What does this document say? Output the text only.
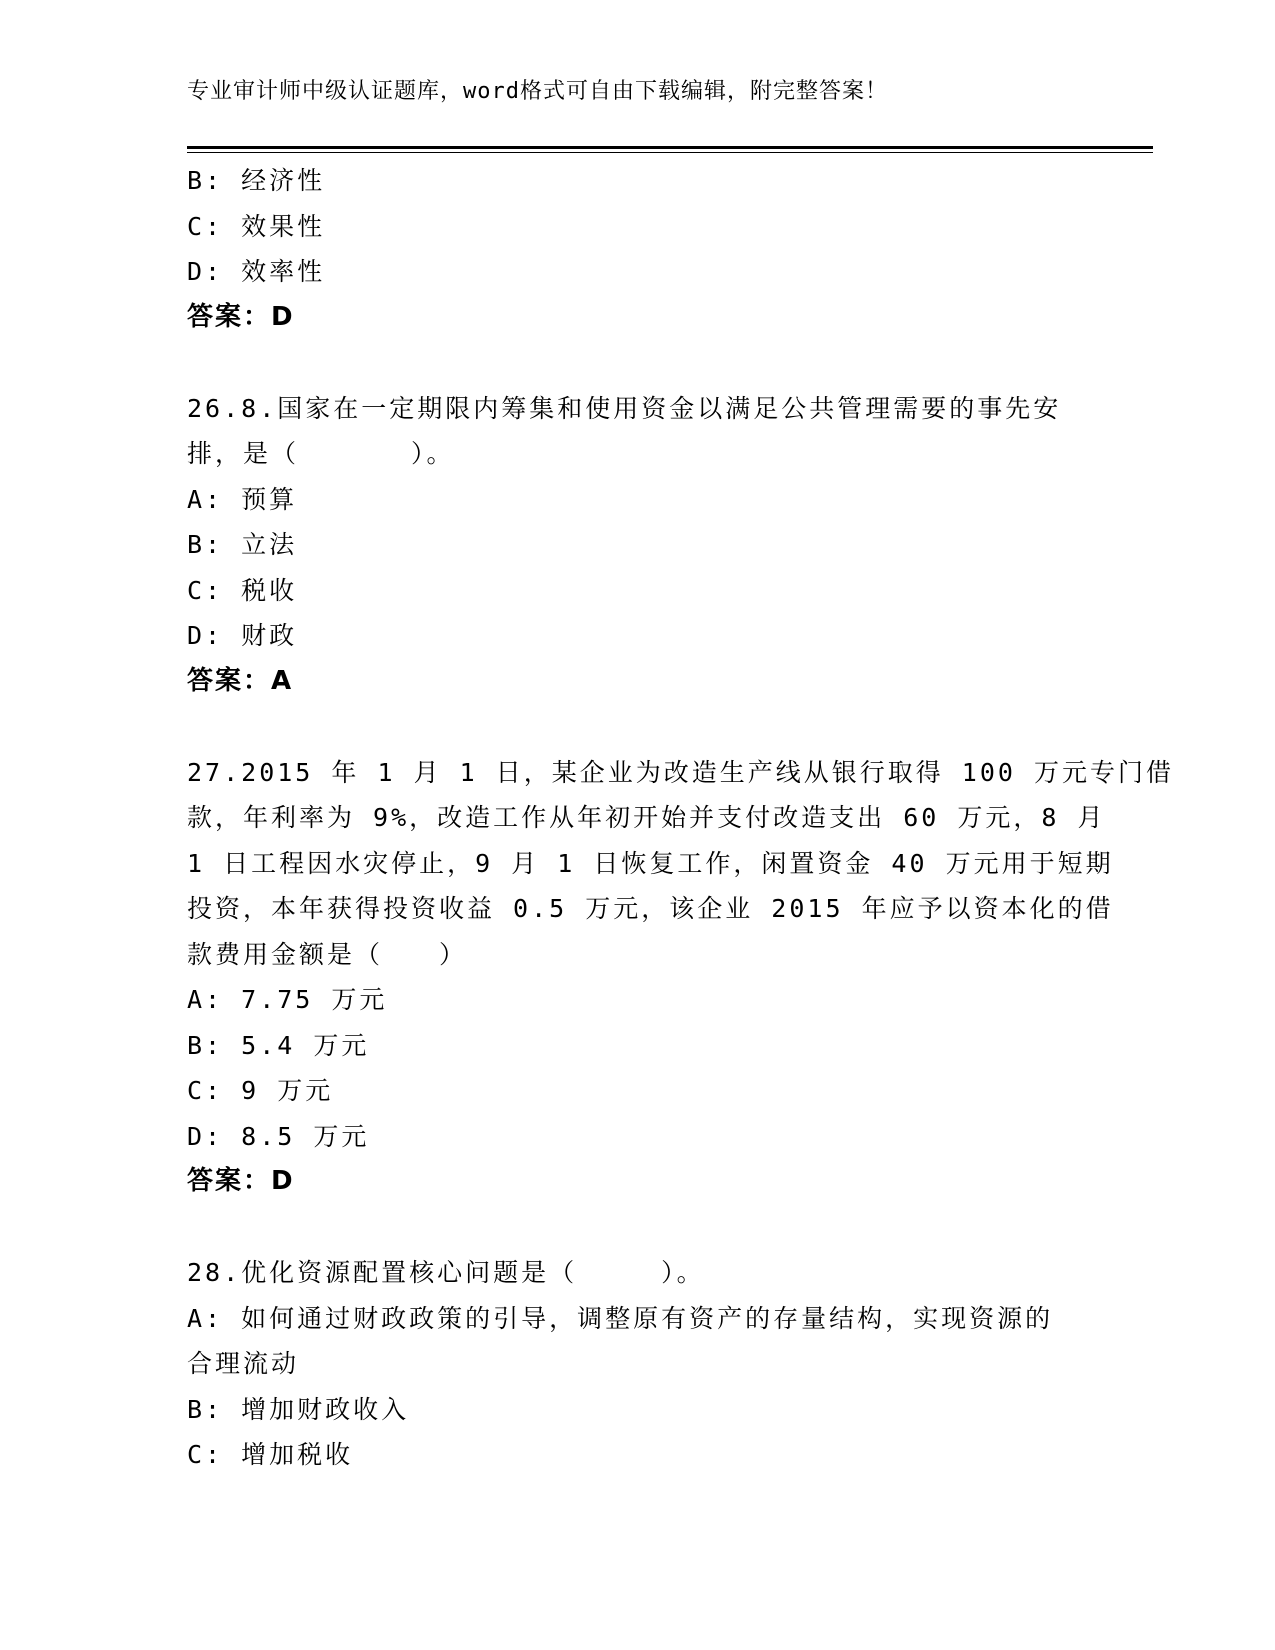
专业审计师中级认证题库，word格式可自由下载编辑，附完整答案！
B: 经济性
C: 效果性
D: 效率性
答案：D
26.8.国家在一定期限内筹集和使用资金以满足公共管理需要的事先安
排，是（　　　　）。
A: 预算
B: 立法
C: 税收
D: 财政
答案：A
27.2015 年 1 月 1 日，某企业为改造生产线从银行取得 100 万元专门借
款，年利率为 9%，改造工作从年初开始并支付改造支出 60 万元，8 月
1 日工程因水灾停止，9 月 1 日恢复工作，闲置资金 40 万元用于短期
投资，本年获得投资收益 0.5 万元，该企业 2015 年应予以资本化的借
款费用金额是（　　）
A: 7.75 万元
B: 5.4 万元
C: 9 万元
D: 8.5 万元
答案：D
28.优化资源配置核心问题是（　　　）。
A: 如何通过财政政策的引导，调整原有资产的存量结构，实现资源的
合理流动
B: 增加财政收入
C: 增加税收
